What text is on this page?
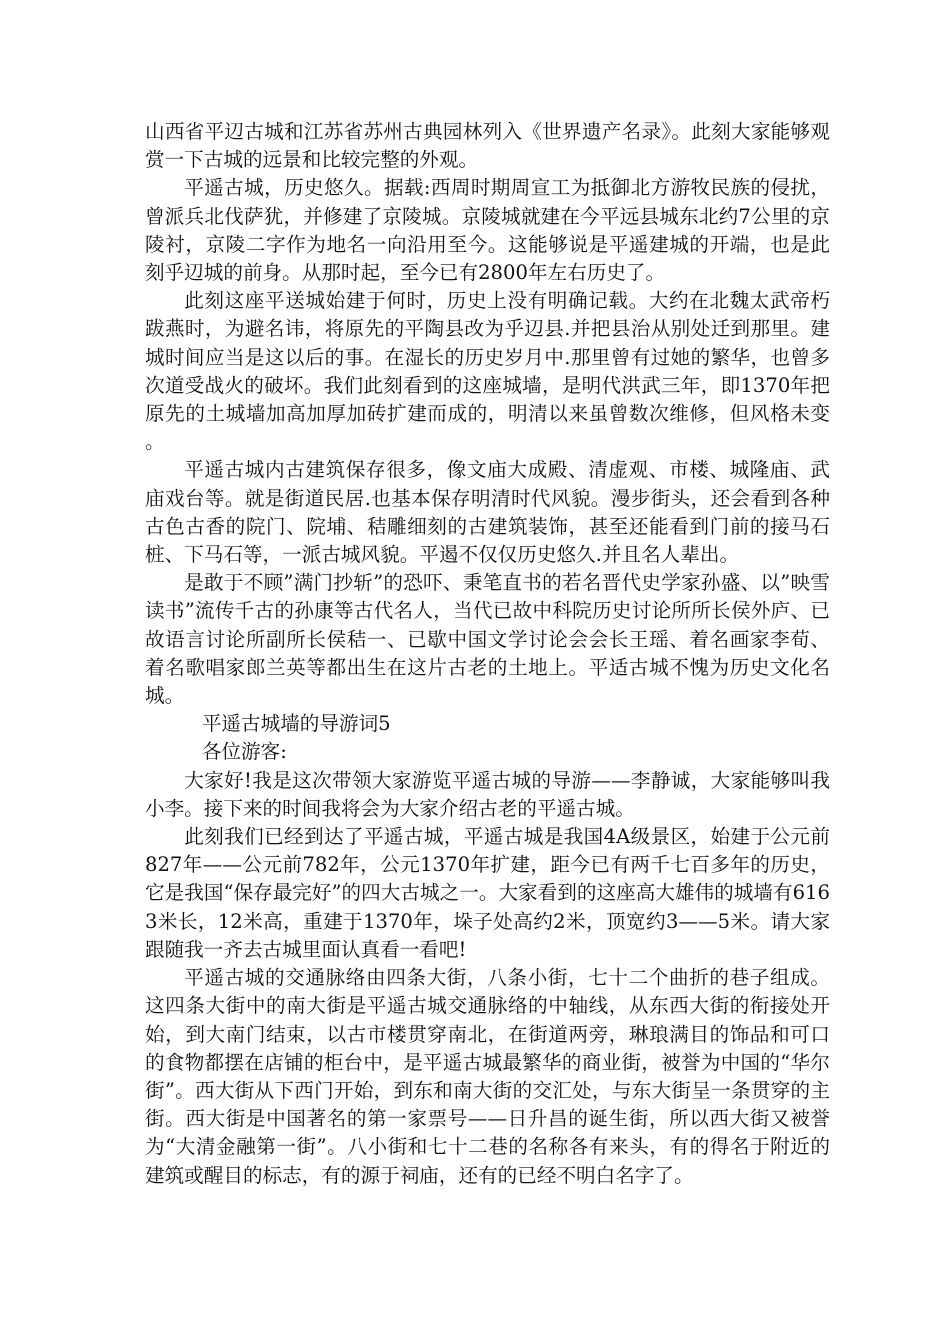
山西省平辺古城和江苏省苏州古典园林列入《世界遗产名录》。此刻大家能够观赏一下古城的远景和比较完整的外观。

平遥古城，历史悠久。据载:西周时期周宣工为抵御北方游牧民族的侵扰，曾派兵北伐萨犹，并修建了京陵城。京陵城就建在今平远县城东北约7公里的京陵衬，京陵二字作为地名一向沿用至今。这能够说是平遥建城的开端，也是此刻乎辺城的前身。从那时起，至今已有2800年左右历史了。

此刻这座平送城始建于何时，历史上没有明确记载。大约在北魏太武帝朽跋燕时，为避名讳，将原先的平陶县改为乎辺县.并把县治从别处迁到那里。建城时间应当是这以后的事。在湿长的历史岁月中.那里曾有过她的繁华，也曾多次道受战火的破坏。我们此刻看到的这座城墙，是明代洪武三年，即1370年把原先的土城墙加高加厚加砖扩建而成的，明清以来虽曾数次维修，但风格未变。

平遥古城内古建筑保存很多，像文庙大成殿、清虚观、市楼、城隆庙、武庙戏台等。就是街道民居.也基本保存明清时代风貌。漫步街头，还会看到各种古色古香的院门、院埔、秸雕细刻的古建筑装饰，甚至还能看到门前的接马石桩、下马石等，一派古城风貌。平遏不仅仅历史悠久.并且名人辈出。

是敢于不顾”满门抄斩”的恐吓、秉笔直书的若名晋代史学家孙盛、以”映雪读书”流传千古的孙康等古代名人，当代已故中科院历史讨论所所长侯外庐、已故语言讨论所副所长侯秸一、已歇中国文学讨论会会长王瑶、着名画家李荀、着名歌唱家郎兰英等都出生在这片古老的土地上。平适古城不愧为历史文化名城。

平遥古城墙的导游词5

各位游客:

大家好!我是这次带领大家游览平遥古城的导游——李静诚，大家能够叫我小李。接下来的时间我将会为大家介绍古老的平遥古城。

此刻我们已经到达了平遥古城，平遥古城是我国4A级景区，始建于公元前827年——公元前782年，公元1370年扩建，距今已有两千七百多年的历史，它是我国“保存最完好”的四大古城之一。大家看到的这座高大雄伟的城墙有6163米长，12米高，重建于1370年，垛子处高约2米，顶宽约3——5米。请大家跟随我一齐去古城里面认真看一看吧!

平遥古城的交通脉络由四条大街，八条小街，七十二个曲折的巷子组成。这四条大街中的南大街是平遥古城交通脉络的中轴线，从东西大街的衔接处开始，到大南门结束，以古市楼贯穿南北，在街道两旁，琳琅满目的饰品和可口的食物都摆在店铺的柜台中，是平遥古城最繁华的商业街，被誉为中国的“华尔街”。西大街从下西门开始，到东和南大街的交汇处，与东大街呈一条贯穿的主街。西大街是中国著名的第一家票号——日升昌的诞生街，所以西大街又被誉为“大清金融第一街”。八小街和七十二巷的名称各有来头，有的得名于附近的建筑或醒目的标志，有的源于祠庙，还有的已经不明白名字了。
